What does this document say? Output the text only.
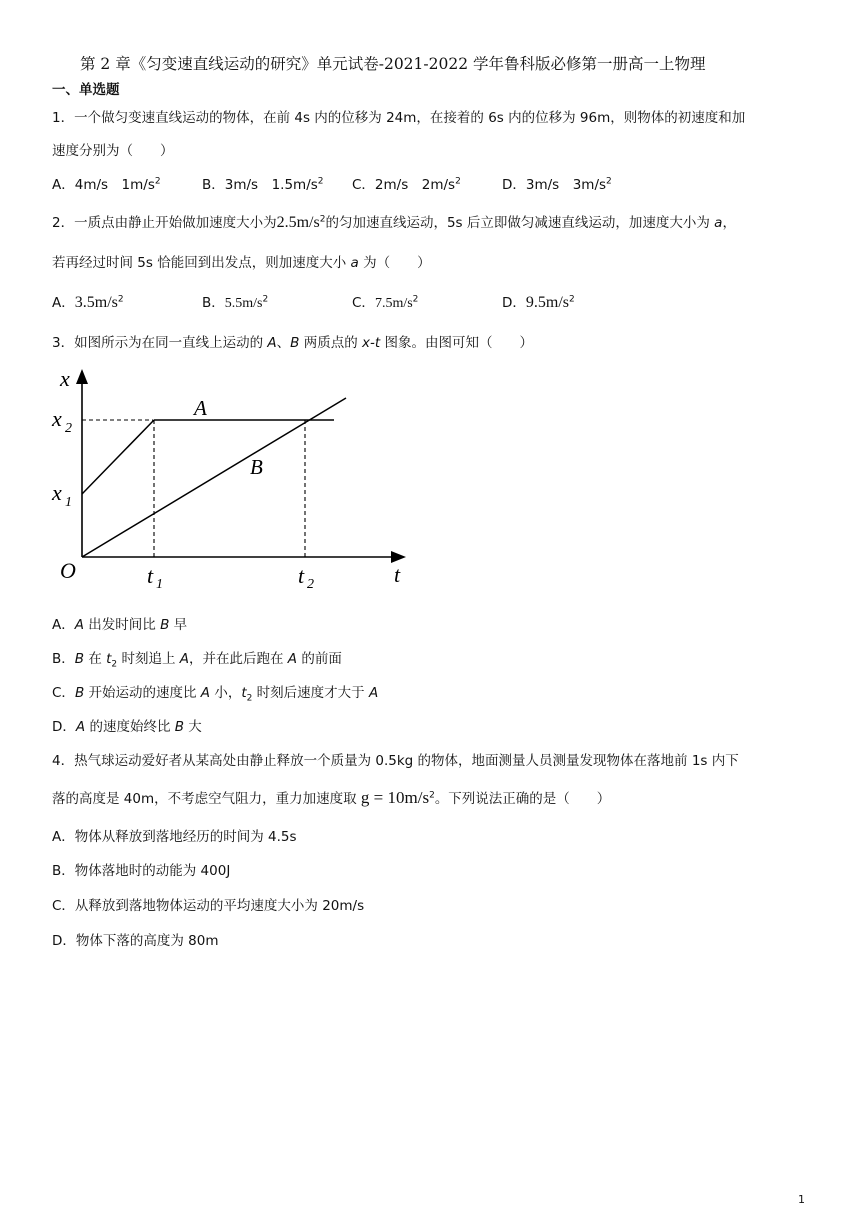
第 2 章《匀变速直线运动的研究》单元试卷-2021-2022 学年鲁科版必修第一册高一上物理
一、单选题
1．一个做匀变速直线运动的物体，在前 4s 内的位移为 24m，在接着的 6s 内的位移为 96m，则物体的初速度和加
速度分别为（　　）
A．4m/s　$1m/s^2$	B．3m/s　$1.5m/s^2$ C．2m/s　$2m/s^2$	D．3m/s　$3m/s^2$
2．一质点由静止开始做加速度大小为$2.5m/s^2$的匀加速直线运动，5s 后立即做匀减速直线运动，加速度大小为 a，
若再经过时间 5s 恰能回到出发点，则加速度大小 a 为（　　）
A．$3.5m/s^2$	B．$5.5m/s^2$	C．$7.5m/s^2$	D．$9.5m/s^2$
3．如图所示为在同一直线上运动的 A、B 两质点的 x-t 图象。由图可知（　　）
x
t
O
x 2
x 1
t 1	t 2
A
B
A．A 出发时间比 B 早
B．B 在 $t_2$ 时刻追上 A，并在此后跑在 A 的前面
C．B 开始运动的速度比 A 小，$t_2$ 时刻后速度才大于 A
D．A 的速度始终比 B 大
4．热气球运动爱好者从某高处由静止释放一个质量为 0.5kg 的物体，地面测量人员测量发现物体在落地前 1s 内下
落的高度是 40m，不考虑空气阻力，重力加速度取 $g = 10m/s^2$。下列说法正确的是（　　）
A．物体从释放到落地经历的时间为 4.5s
B．物体落地时的动能为 400J
C．从释放到落地物体运动的平均速度大小为 20m/s
D．物体下落的高度为 80m
1
